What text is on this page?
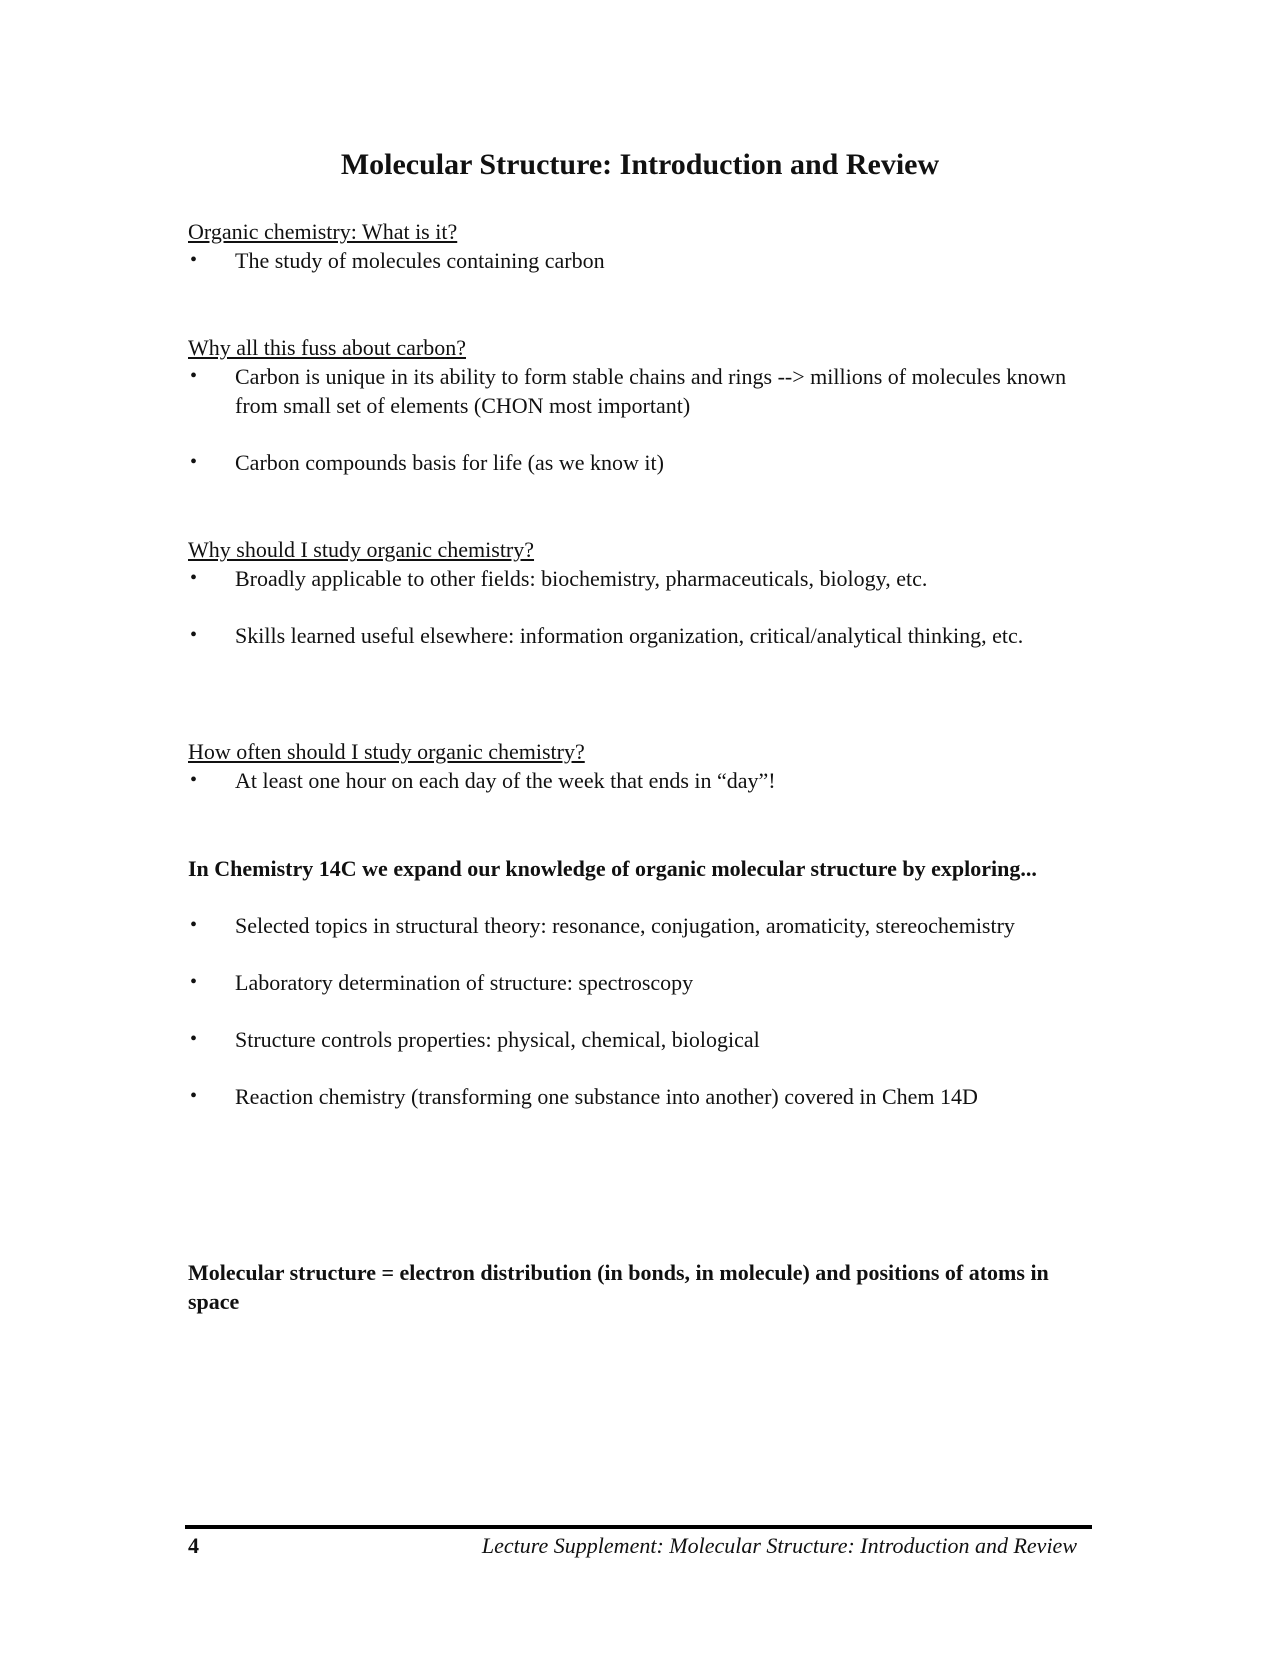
Molecular Structure: Introduction and Review

Organic chemistry: What is it?

• The study of molecules containing carbon

Why all this fuss about carbon?

• Carbon is unique in its ability to form stable chains and rings --> millions of molecules known from small set of elements (CHON most important)
• Carbon compounds basis for life (as we know it)

Why should I study organic chemistry?

• Broadly applicable to other fields: biochemistry, pharmaceuticals, biology, etc.
• Skills learned useful elsewhere: information organization, critical/analytical thinking, etc.

How often should I study organic chemistry?

• At least one hour on each day of the week that ends in “day”!

In Chemistry 14C we expand our knowledge of organic molecular structure by exploring...

• Selected topics in structural theory: resonance, conjugation, aromaticity, stereochemistry
• Laboratory determination of structure: spectroscopy
• Structure controls properties: physical, chemical, biological
• Reaction chemistry (transforming one substance into another) covered in Chem 14D

Molecular structure = electron distribution (in bonds, in molecule) and positions of atoms in space

4	Lecture Supplement: Molecular Structure: Introduction and Review
